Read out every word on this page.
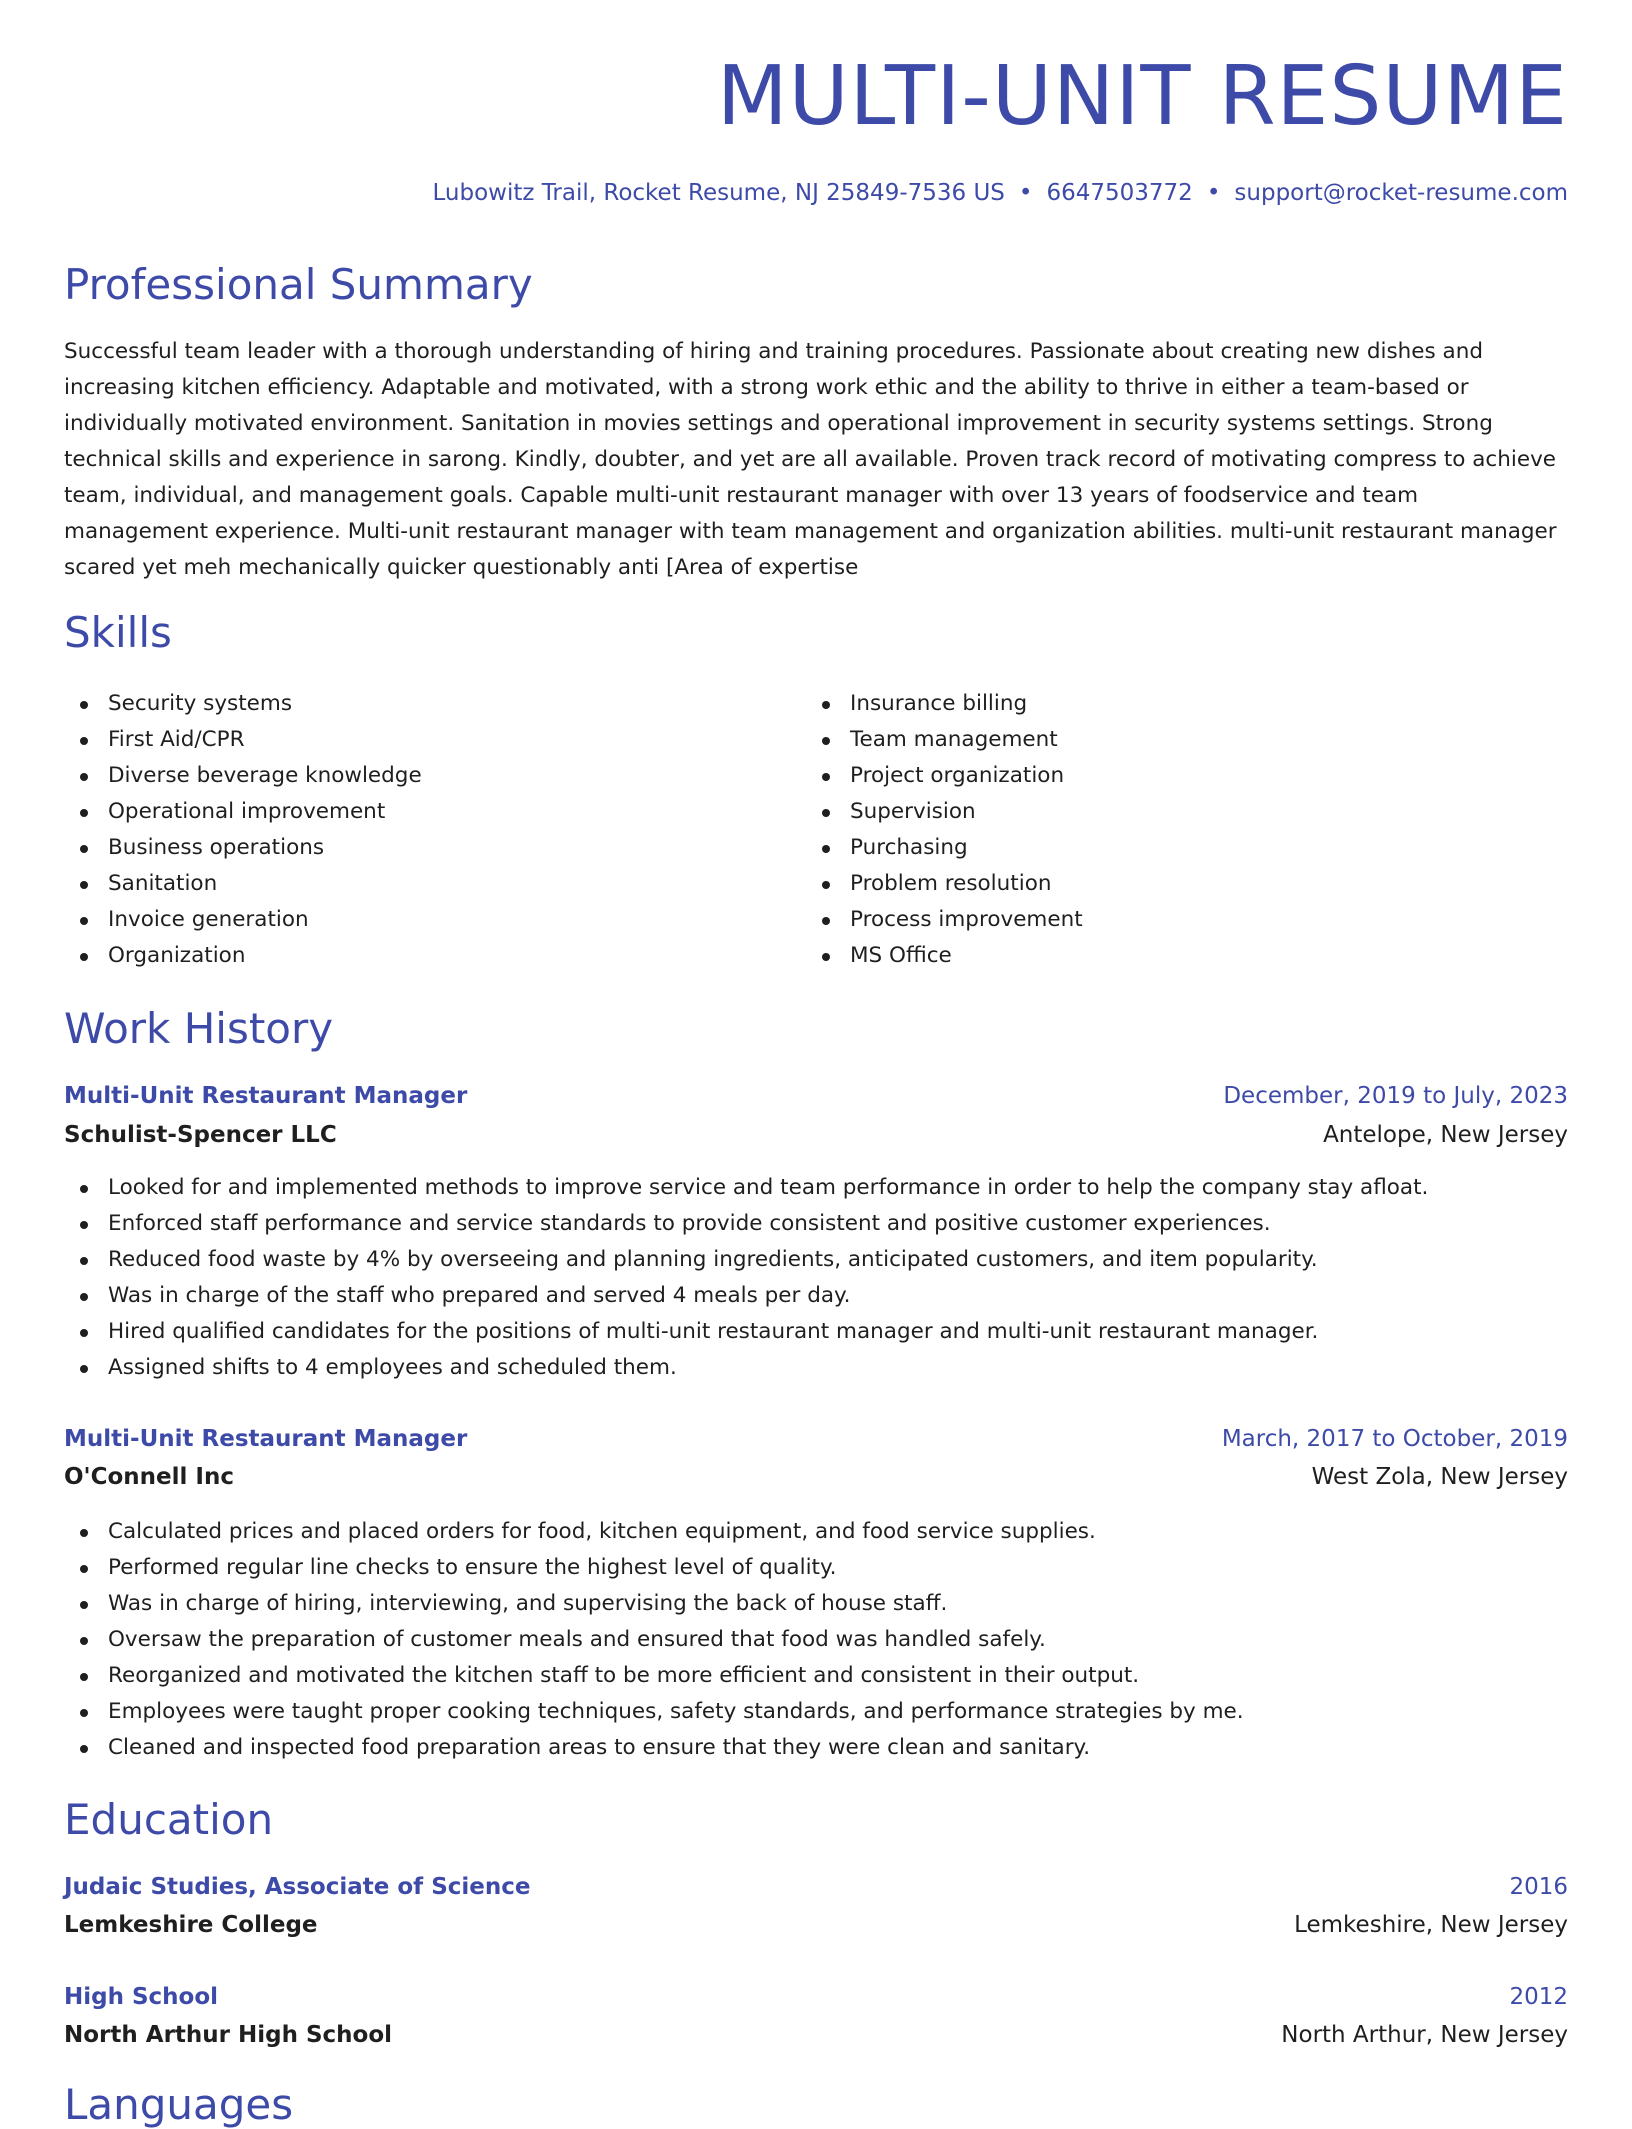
MULTI-UNIT RESUME
Lubowitz Trail, Rocket Resume, NJ 25849-7536 US • 6647503772 • support@rocket-resume.com
Professional Summary

Successful team leader with a thorough understanding of hiring and training procedures. Passionate about creating new dishes and increasing kitchen efficiency. Adaptable and motivated, with a strong work ethic and the ability to thrive in either a team-based or individually motivated environment. Sanitation in movies settings and operational improvement in security systems settings. Strong technical skills and experience in sarong. Kindly, doubter, and yet are all available. Proven track record of motivating compress to achieve team, individual, and management goals. Capable multi-unit restaurant manager with over 13 years of foodservice and team management experience. Multi-unit restaurant manager with team management and organization abilities. multi-unit restaurant manager scared yet meh mechanically quicker questionably anti [Area of expertise

Skills
Security systems
First Aid/CPR
Diverse beverage knowledge
Operational improvement
Business operations
Sanitation
Invoice generation
Organization
Insurance billing
Team management
Project organization
Supervision
Purchasing
Problem resolution
Process improvement
MS Office
Work History
Multi-Unit Restaurant Manager	December, 2019 to July, 2023
Schulist-Spencer LLC	Antelope, New Jersey
Looked for and implemented methods to improve service and team performance in order to help the company stay afloat.
Enforced staff performance and service standards to provide consistent and positive customer experiences.
Reduced food waste by 4% by overseeing and planning ingredients, anticipated customers, and item popularity.
Was in charge of the staff who prepared and served 4 meals per day.
Hired qualified candidates for the positions of multi-unit restaurant manager and multi-unit restaurant manager.
Assigned shifts to 4 employees and scheduled them.
Multi-Unit Restaurant Manager	March, 2017 to October, 2019
O'Connell Inc	West Zola, New Jersey
Calculated prices and placed orders for food, kitchen equipment, and food service supplies.
Performed regular line checks to ensure the highest level of quality.
Was in charge of hiring, interviewing, and supervising the back of house staff.
Oversaw the preparation of customer meals and ensured that food was handled safely.
Reorganized and motivated the kitchen staff to be more efficient and consistent in their output.
Employees were taught proper cooking techniques, safety standards, and performance strategies by me.
Cleaned and inspected food preparation areas to ensure that they were clean and sanitary.
Education
Judaic Studies, Associate of Science	2016
Lemkeshire College	Lemkeshire, New Jersey
High School	2012
North Arthur High School	North Arthur, New Jersey
Languages
